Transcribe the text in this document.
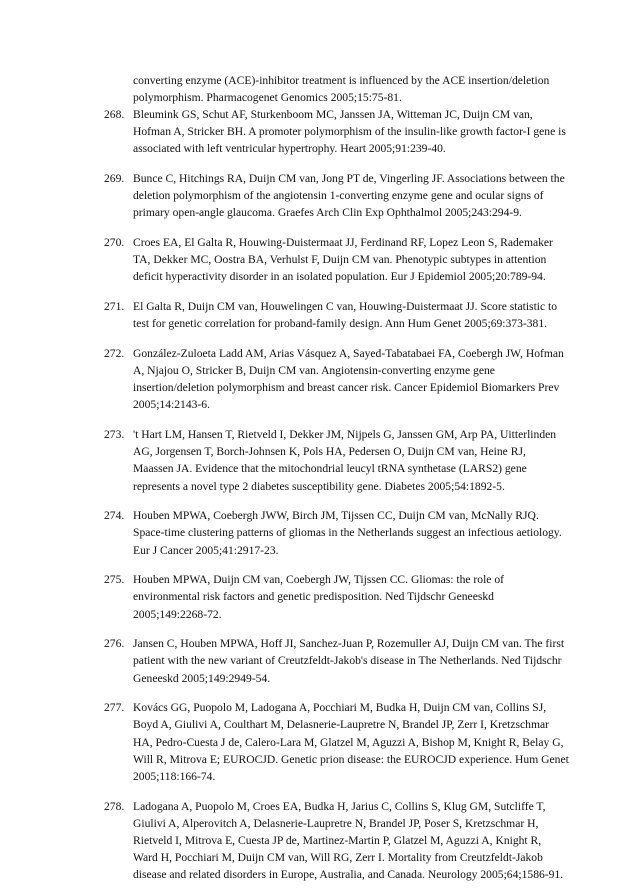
converting enzyme (ACE)-inhibitor treatment is influenced by the ACE insertion/deletion
polymorphism. Pharmacogenet Genomics 2005;15:75-81.
268. Bleumink GS, Schut AF, Sturkenboom MC, Janssen JA, Witteman JC, Duijn CM van,
Hofman A, Stricker BH. A promoter polymorphism of the insulin-like growth factor-I gene is
associated with left ventricular hypertrophy. Heart 2005;91:239-40.
269. Bunce C, Hitchings RA, Duijn CM van, Jong PT de, Vingerling JF. Associations between the
deletion polymorphism of the angiotensin 1-converting enzyme gene and ocular signs of
primary open-angle glaucoma. Graefes Arch Clin Exp Ophthalmol 2005;243:294-9.
270. Croes EA, El Galta R, Houwing-Duistermaat JJ, Ferdinand RF, Lopez Leon S, Rademaker
TA, Dekker MC, Oostra BA, Verhulst F, Duijn CM van. Phenotypic subtypes in attention
deficit hyperactivity disorder in an isolated population. Eur J Epidemiol 2005;20:789-94.
271. El Galta R, Duijn CM van, Houwelingen C van, Houwing-Duistermaat JJ. Score statistic to
test for genetic correlation for proband-family design. Ann Hum Genet 2005;69:373-381.
272. González-Zuloeta Ladd AM, Arias Vásquez A, Sayed-Tabatabaei FA, Coebergh JW, Hofman
A, Njajou O, Stricker B, Duijn CM van. Angiotensin-converting enzyme gene
insertion/deletion polymorphism and breast cancer risk. Cancer Epidemiol Biomarkers Prev
2005;14:2143-6.
273. 't Hart LM, Hansen T, Rietveld I, Dekker JM, Nijpels G, Janssen GM, Arp PA, Uitterlinden
AG, Jorgensen T, Borch-Johnsen K, Pols HA, Pedersen O, Duijn CM van, Heine RJ,
Maassen JA. Evidence that the mitochondrial leucyl tRNA synthetase (LARS2) gene
represents a novel type 2 diabetes susceptibility gene. Diabetes 2005;54:1892-5.
274. Houben MPWA, Coebergh JWW, Birch JM, Tijssen CC, Duijn CM van, McNally RJQ.
Space-time clustering patterns of gliomas in the Netherlands suggest an infectious aetiology.
Eur J Cancer 2005;41:2917-23.
275. Houben MPWA, Duijn CM van, Coebergh JW, Tijssen CC. Gliomas: the role of
environmental risk factors and genetic predisposition. Ned Tijdschr Geneeskd
2005;149:2268-72.
276. Jansen C, Houben MPWA, Hoff JI, Sanchez-Juan P, Rozemuller AJ, Duijn CM van. The first
patient with the new variant of Creutzfeldt-Jakob's disease in The Netherlands. Ned Tijdschr
Geneeskd 2005;149:2949-54.
277. Kovács GG, Puopolo M, Ladogana A, Pocchiari M, Budka H, Duijn CM van, Collins SJ,
Boyd A, Giulivi A, Coulthart M, Delasnerie-Laupretre N, Brandel JP, Zerr I, Kretzschmar
HA, Pedro-Cuesta J de, Calero-Lara M, Glatzel M, Aguzzi A, Bishop M, Knight R, Belay G,
Will R, Mitrova E; EUROCJD. Genetic prion disease: the EUROCJD experience. Hum Genet
2005;118:166-74.
278. Ladogana A, Puopolo M, Croes EA, Budka H, Jarius C, Collins S, Klug GM, Sutcliffe T,
Giulivi A, Alperovitch A, Delasnerie-Laupretre N, Brandel JP, Poser S, Kretzschmar H,
Rietveld I, Mitrova E, Cuesta JP de, Martinez-Martin P, Glatzel M, Aguzzi A, Knight R,
Ward H, Pocchiari M, Duijn CM van, Will RG, Zerr I. Mortality from Creutzfeldt-Jakob
disease and related disorders in Europe, Australia, and Canada. Neurology 2005;64;1586-91.
